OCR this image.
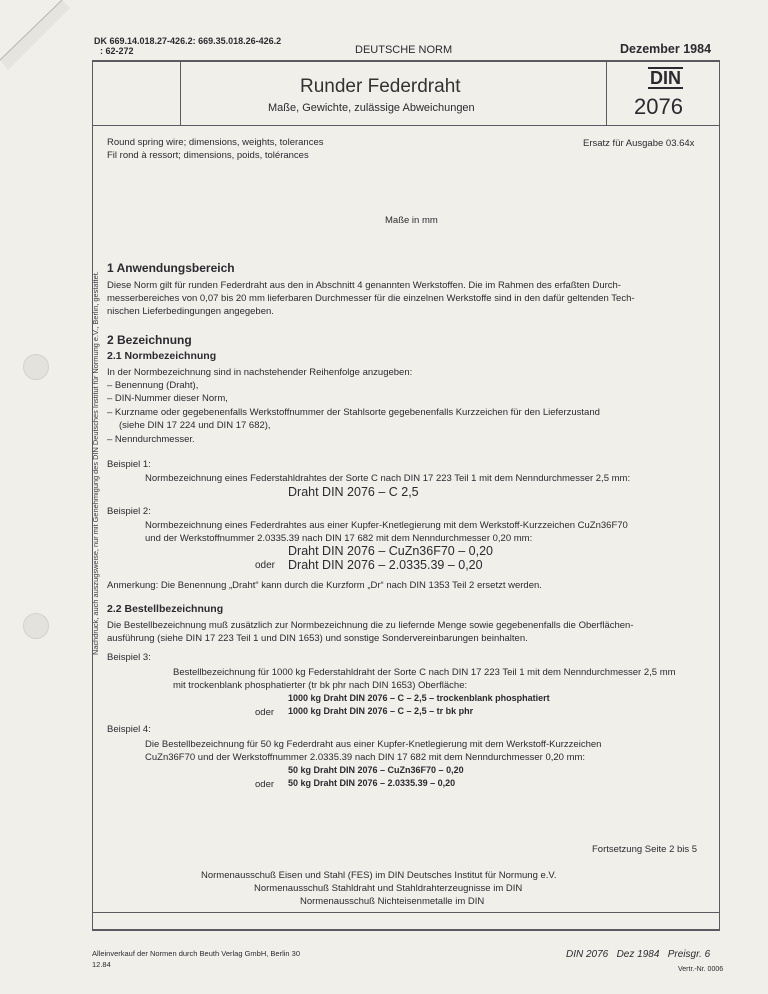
DK 669.14.018.27-426.2: 669.35.018.26-426.2
: 62-272	DEUTSCHE NORM	Dezember 1984
Runder Federdraht
Maße, Gewichte, zulässige Abweichungen
DIN
2076
Round spring wire; dimensions, weights, tolerances
Fil rond à ressort; dimensions, poids, tolérances
Ersatz für Ausgabe 03.64x
Maße in mm
1 Anwendungsbereich
Diese Norm gilt für runden Federdraht aus den in Abschnitt 4 genannten Werkstoffen. Die im Rahmen des erfaßten Durch-
messerbereiches von 0,07 bis 20 mm lieferbaren Durchmesser für die einzelnen Werkstoffe sind in den dafür geltenden Tech-
nischen Lieferbedingungen angegeben.
2 Bezeichnung
2.1 Normbezeichnung
In der Normbezeichnung sind in nachstehender Reihenfolge anzugeben:
– Benennung (Draht),
– DIN-Nummer dieser Norm,
– Kurzname oder gegebenenfalls Werkstoffnummer der Stahlsorte gegebenenfalls Kurzzeichen für den Lieferzustand
(siehe DIN 17 224 und DIN 17 682),
– Nenndurchmesser.
Beispiel 1:
Normbezeichnung eines Federstahldrahtes der Sorte C nach DIN 17 223 Teil 1 mit dem Nenndurchmesser 2,5 mm:
Draht DIN 2076 – C 2,5
Beispiel 2:
Normbezeichnung eines Federdrahtes aus einer Kupfer-Knetlegierung mit dem Werkstoff-Kurzzeichen CuZn36F70
und der Werkstoffnummer 2.0335.39 nach DIN 17 682 mit dem Nenndurchmesser 0,20 mm:
Draht DIN 2076 – CuZn36F70 – 0,20
oder Draht DIN 2076 – 2.0335.39 – 0,20
Anmerkung: Die Benennung „Draht“ kann durch die Kurzform „Dr“ nach DIN 1353 Teil 2 ersetzt werden.
2.2 Bestellbezeichnung
Die Bestellbezeichnung muß zusätzlich zur Normbezeichnung die zu liefernde Menge sowie gegebenenfalls die Oberflächen-
ausführung (siehe DIN 17 223 Teil 1 und DIN 1653) und sonstige Sondervereinbarungen beinhalten.
Beispiel 3:
Bestellbezeichnung für 1000 kg Federstahldraht der Sorte C nach DIN 17 223 Teil 1 mit dem Nenndurchmesser 2,5 mm
mit trockenblank phosphatierter (tr bk phr nach DIN 1653) Oberfläche:
1000 kg Draht DIN 2076 – C – 2,5 – trockenblank phosphatiert
oder 1000 kg Draht DIN 2076 – C – 2,5 – tr bk phr
Beispiel 4:
Die Bestellbezeichnung für 50 kg Federdraht aus einer Kupfer-Knetlegierung mit dem Werkstoff-Kurzzeichen
CuZn36F70 und der Werkstoffnummer 2.0335.39 nach DIN 17 682 mit dem Nenndurchmesser 0,20 mm:
50 kg Draht DIN 2076 – CuZn36F70 – 0,20
oder 50 kg Draht DIN 2076 – 2.0335.39 – 0,20
Fortsetzung Seite 2 bis 5
Normenausschuß Eisen und Stahl (FES) im DIN Deutsches Institut für Normung e.V.
Normenausschuß Stahldraht und Stahldrahterzeugnisse im DIN
Normenausschuß Nichteisenmetalle im DIN
Nachdruck, auch auszugsweise, nur mit Genehmigung des DIN Deutsches Institut für Normung e.V., Berlin, gestattet.
Alleinverkauf der Normen durch Beuth Verlag GmbH, Berlin 30
12.84
DIN 2076   Dez 1984   Preisgr. 6
Vertr.-Nr. 0006
